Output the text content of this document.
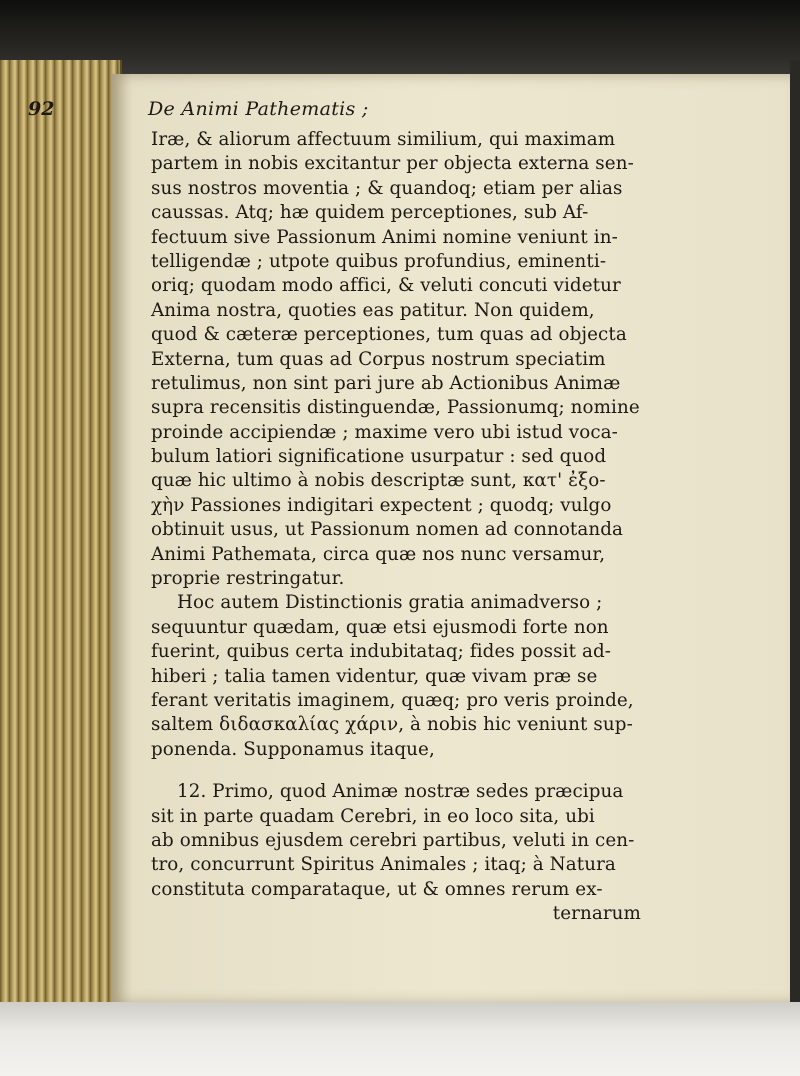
92	De Animi Pathematis ;
Iræ, & aliorum affectuum similium, qui maximam
partem in nobis excitantur per objecta externa sen-
sus nostros moventia ; & quandoq; etiam per alias
caussas. Atq; hæ quidem perceptiones, sub Af-
fectuum sive Passionum Animi nomine veniunt in-
telligendæ ; utpote quibus profundius, eminenti-
oriq; quodam modo affici, & veluti concuti videtur
Anima nostra, quoties eas patitur. Non quidem,
quod & cæteræ perceptiones, tum quas ad objecta
Externa, tum quas ad Corpus nostrum speciatim
retulimus, non sint pari jure ab Actionibus Animæ
supra recensitis distinguendæ, Passionumq; nomine
proinde accipiendæ ; maxime vero ubi istud voca-
bulum latiori significatione usurpatur : sed quod
quæ hic ultimo à nobis descriptæ sunt, κατ' ἐξο-
χὴν Passiones indigitari expectent ; quodq; vulgo
obtinuit usus, ut Passionum nomen ad connotanda
Animi Pathemata, circa quæ nos nunc versamur,
proprie restringatur.
Hoc autem Distinctionis gratia animadverso ;
sequuntur quædam, quæ etsi ejusmodi forte non
fuerint, quibus certa indubitataq; fides possit ad-
hiberi ; talia tamen videntur, quæ vivam præ se
ferant veritatis imaginem, quæq; pro veris proinde,
saltem διδασκαλίας χάριν, à nobis hic veniunt sup-
ponenda. Supponamus itaque,
12. Primo, quod Animæ nostræ sedes præcipua
sit in parte quadam Cerebri, in eo loco sita, ubi
ab omnibus ejusdem cerebri partibus, veluti in cen-
tro, concurrunt Spiritus Animales ; itaq; à Natura
constituta comparataque, ut & omnes rerum ex-
ternarum
